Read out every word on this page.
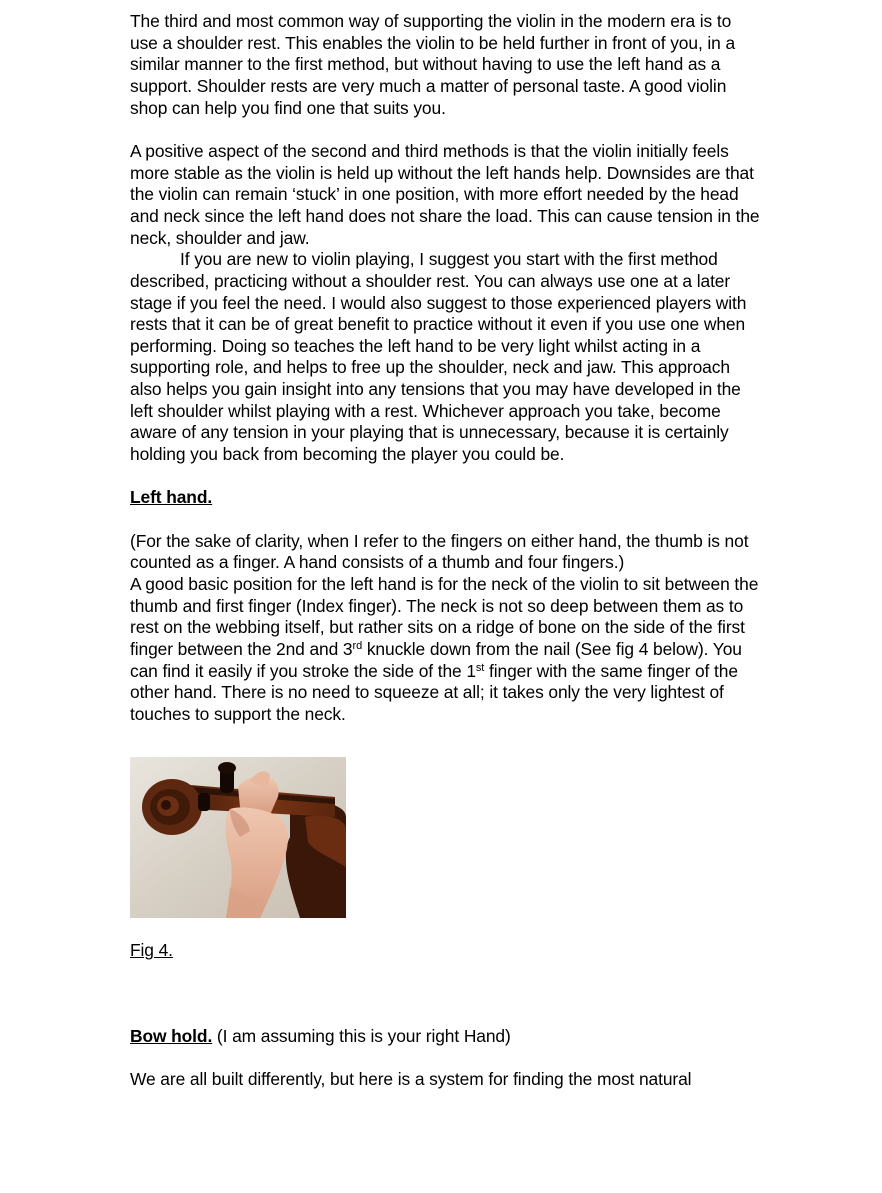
The third and most common way of supporting the violin in the modern era is to use a shoulder rest. This enables the violin to be held further in front of you, in a similar manner to the first method, but without having to use the left hand as a support. Shoulder rests are very much a matter of personal taste. A good violin shop can help you find one that suits you.

A positive aspect of the second and third methods is that the violin initially feels more stable as the violin is held up without the left hands help. Downsides are that the violin can remain ‘stuck’ in one position, with more effort needed by the head and neck since the left hand does not share the load. This can cause tension in the neck, shoulder and jaw.

If you are new to violin playing, I suggest you start with the first method described, practicing without a shoulder rest. You can always use one at a later stage if you feel the need. I would also suggest to those experienced players with rests that it can be of great benefit to practice without it even if you use one when performing. Doing so teaches the left hand to be very light whilst acting in a supporting role, and helps to free up the shoulder, neck and jaw. This approach also helps you gain insight into any tensions that you may have developed in the left shoulder whilst playing with a rest. Whichever approach you take, become aware of any tension in your playing that is unnecessary, because it is certainly holding you back from becoming the player you could be.

Left hand.

(For the sake of clarity, when I refer to the fingers on either hand, the thumb is not counted as a finger. A hand consists of a thumb and four fingers.)

A good basic position for the left hand is for the neck of the violin to sit between the thumb and first finger (Index finger). The neck is not so deep between them as to rest on the webbing itself, but rather sits on a ridge of bone on the side of the first finger between the 2nd and 3rd knuckle down from the nail (See fig 4 below). You can find it easily if you stroke the side of the 1st finger with the same finger of the other hand. There is no need to squeeze at all; it takes only the very lightest of touches to support the neck.

Fig 4.

Bow hold. (I am assuming this is your right Hand)

We are all built differently, but here is a system for finding the most natural
